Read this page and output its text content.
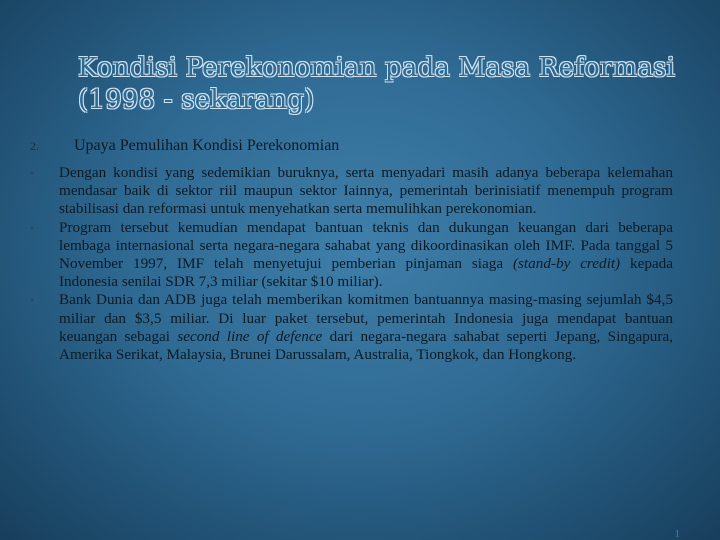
Kondisi Perekonomian pada Masa Reformasi
(1998 - sekarang)
2. Upaya Pemulihan Kondisi Perekonomian
• Dengan kondisi yang sedemikian buruknya, serta menyadari masih adanya beberapa kelemahan mendasar baik di sektor riil maupun sektor Iainnya, pemerintah berinisiatif menempuh program stabilisasi dan reformasi untuk menyehatkan serta memulihkan perekonomian.
• Program tersebut kemudian mendapat bantuan teknis dan dukungan keuangan dari beberapa lembaga internasional serta negara-negara sahabat yang dikoordinasikan oleh IMF. Pada tanggal 5 November 1997, IMF telah menyetujui pemberian pinjaman siaga (stand-by credit) kepada Indonesia senilai SDR 7,3 miliar (sekitar $10 miliar).
• Bank Dunia dan ADB juga telah memberikan komitmen bantuannya masing-masing sejumlah $4,5 miliar dan $3,5 miliar. Di luar paket tersebut, pemerintah Indonesia juga mendapat bantuan keuangan sebagai second line of defence dari negara-negara sahabat seperti Jepang, Singapura, Amerika Serikat, Malaysia, Brunei Darussalam, Australia, Tiongkok, dan Hongkong.
1
